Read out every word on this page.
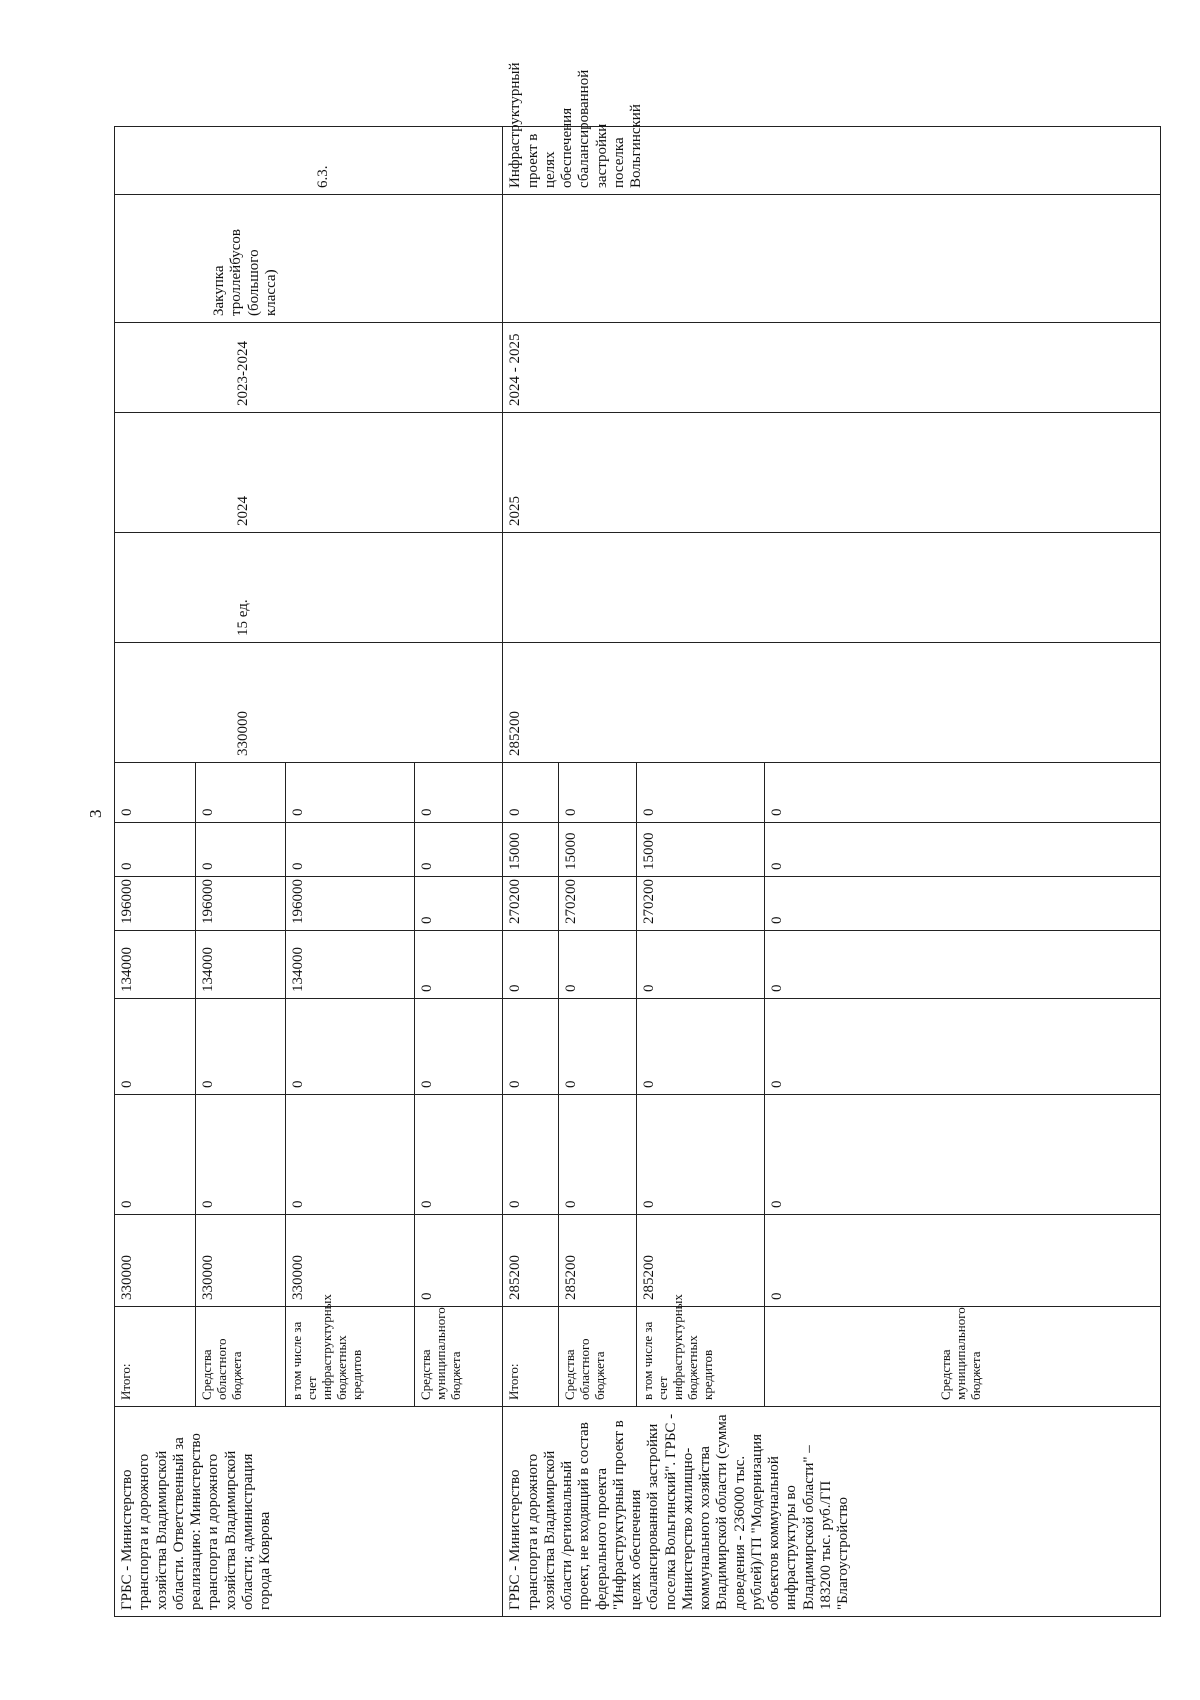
3
ГРБС - Министерство транспорта и дорожного хозяйства Владимирской области. Ответственный за реализацию: Министерство транспорта и дорожного хозяйства Владимирской области; администрация города Коврова	Итого:	330000	0	0	134000	196000	0	0	330000	15 ед.	2024	2023-2024	Закупка троллейбусов (большого класса)	6.3.
	Средства областного бюджета	330000	0	0	134000	196000	0	0						
	в том числе за счет инфраструктурных бюджетных кредитов	330000	0	0	134000	196000	0	0						
	Средства муниципального бюджета	0	0	0	0	0	0	0						
ГРБС - Министерство транспорта и дорожного хозяйства Владимирской области /региональный проект, не входящий в состав федерального проекта "Инфраструктурный проект в целях обеспечения сбалансированной застройки поселка Вольгинский". ГРБС - Министерство жилищно-коммунального хозяйства Владимирской области (сумма доведения - 236000 тыс. рублей)/ГП "Модернизация объектов коммунальной инфраструктуры во Владимирской области" – 183200 тыс. руб./ГП "Благоустройство	Итого:	285200	0	0	0	270200	15000	0	285200		2025	2024 - 2025		Инфраструктурный проект в целях обеспечения сбалансированной застройки поселка Вольгинский
	Средства областного бюджета	285200	0	0	0	270200	15000	0						
	в том числе за счет инфраструктурных бюджетных кредитов	285200	0	0	0	270200	15000	0						

Средства муниципального бюджета	0	0	0	0	0	0	0						
